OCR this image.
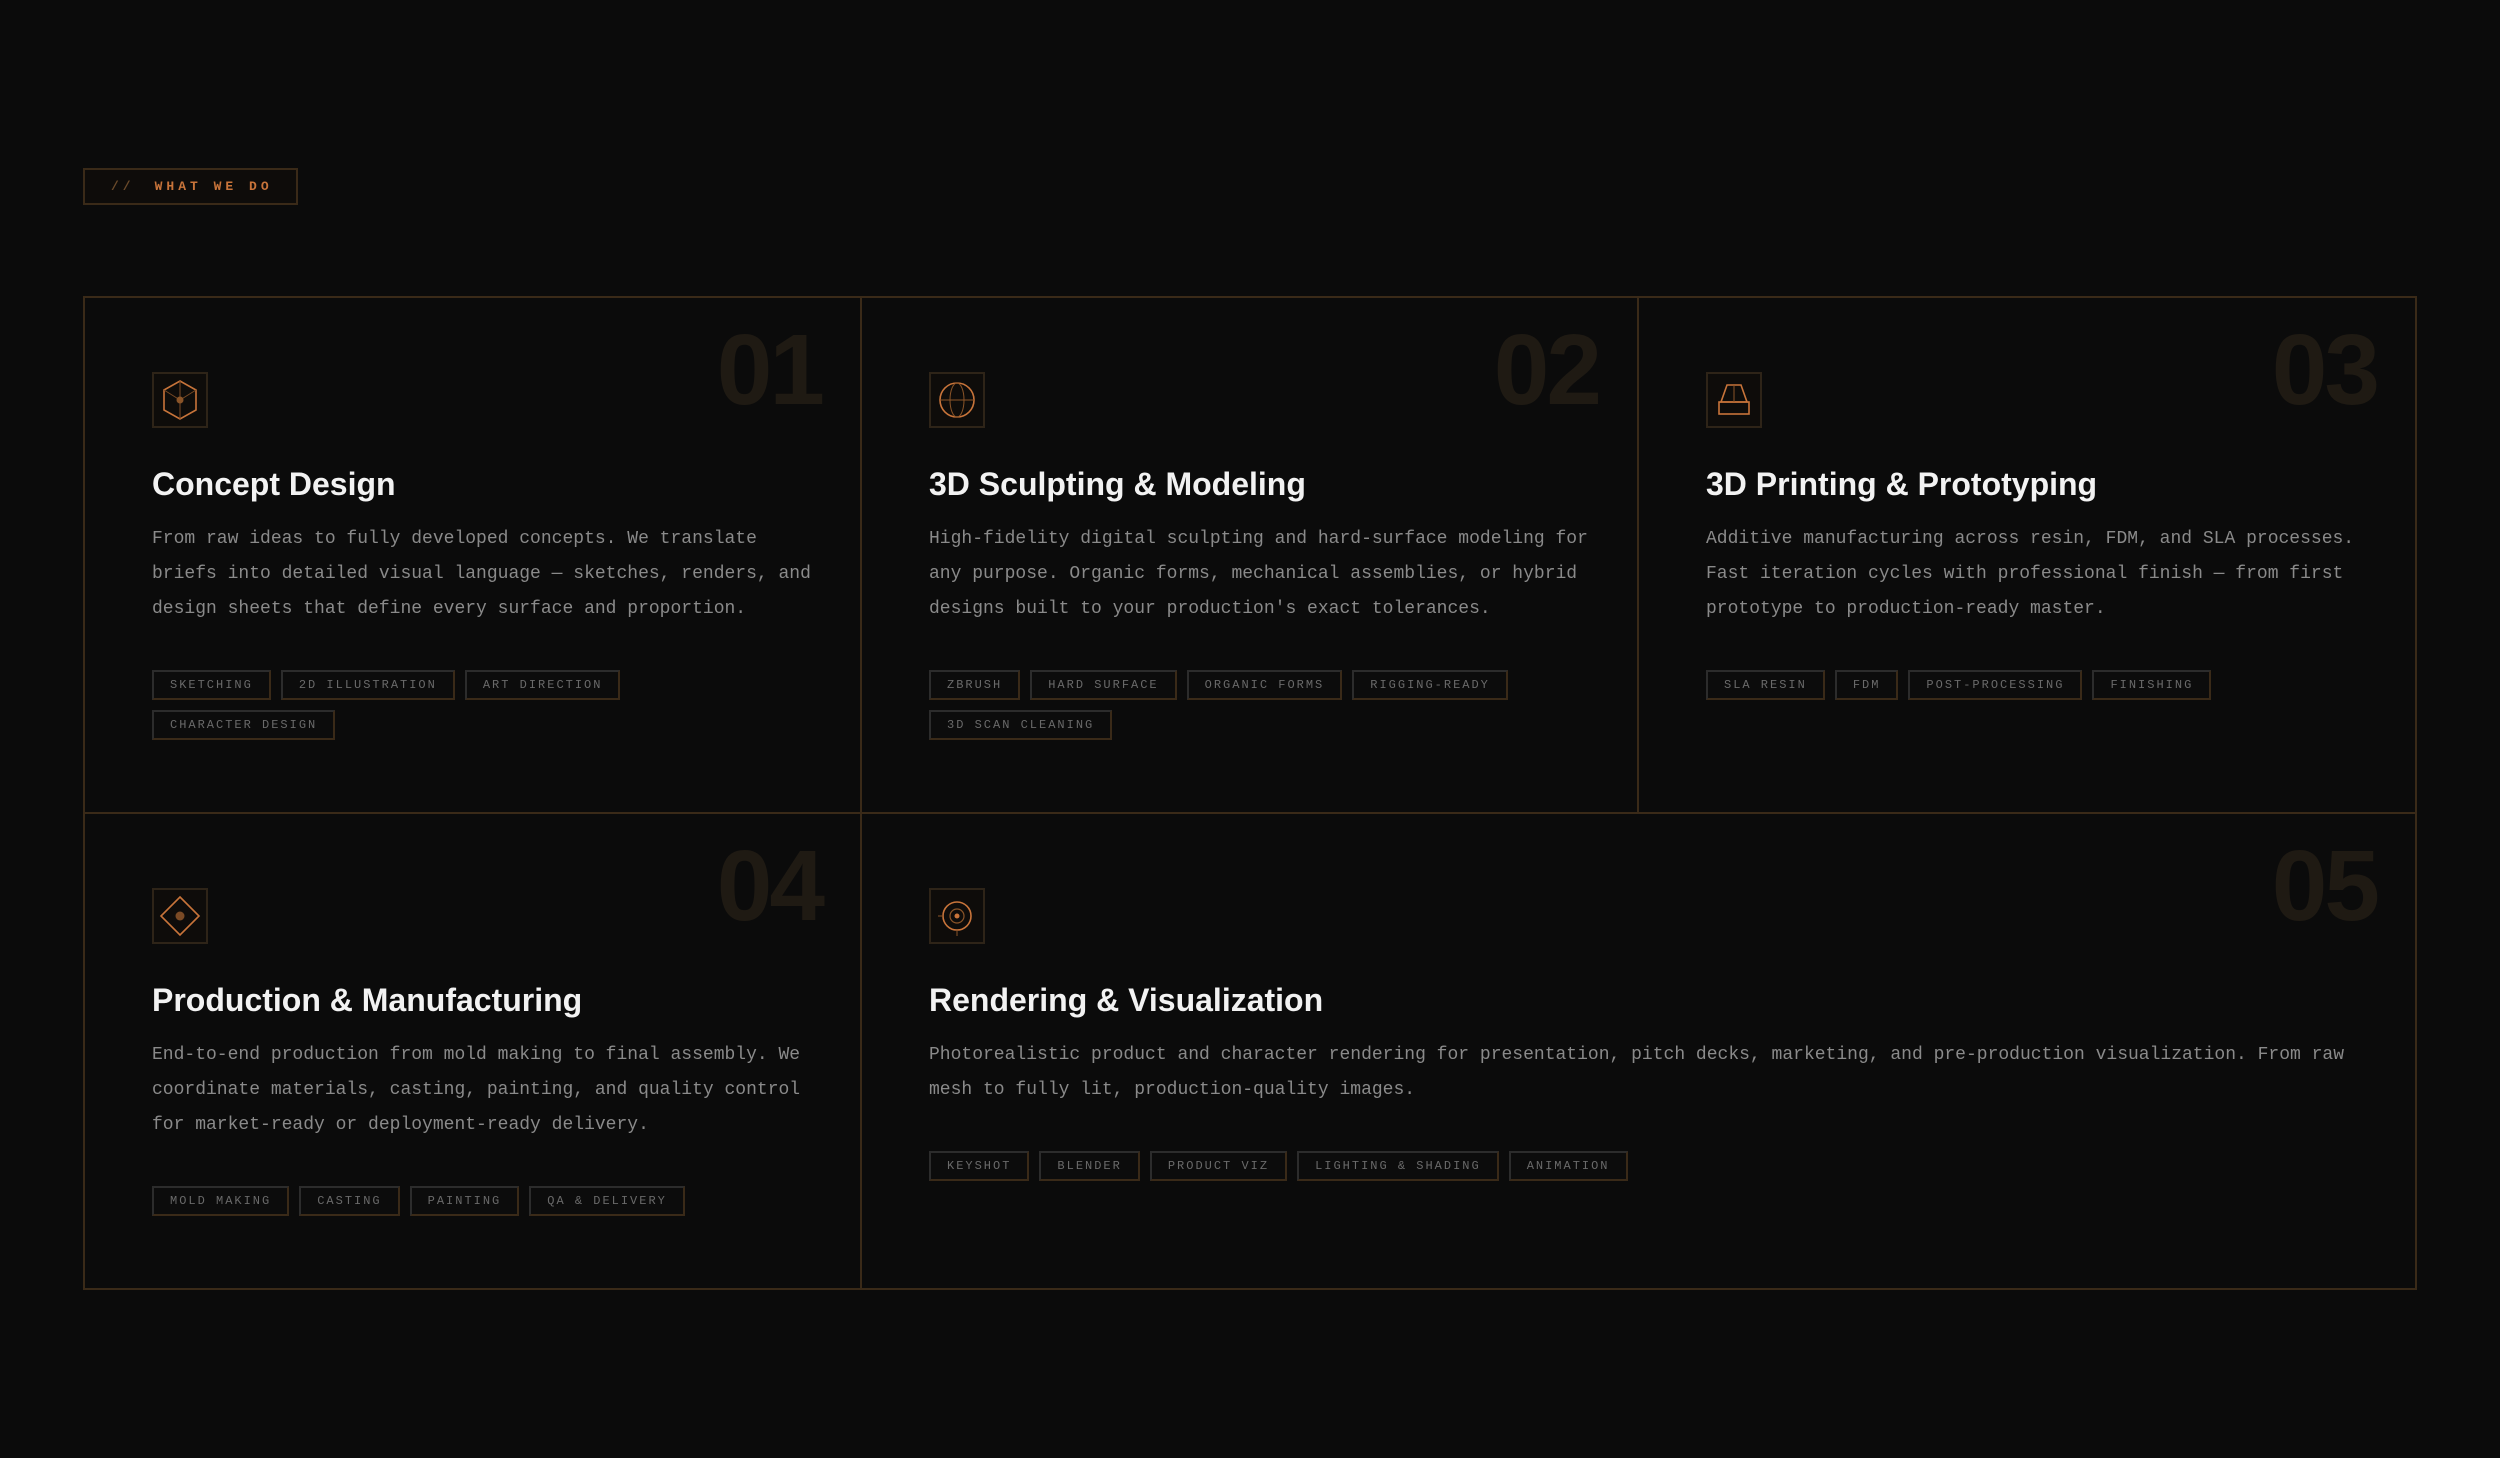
// WHAT WE DO
01
Concept Design
From raw ideas to fully developed concepts. We translate briefs into detailed visual language — sketches, renders, and design sheets that define every surface and proportion.
SKETCHING	2D ILLUSTRATION	ART DIRECTION
CHARACTER DESIGN
02
3D Sculpting & Modeling
High-fidelity digital sculpting and hard-surface modeling for any purpose. Organic forms, mechanical assemblies, or hybrid designs built to your production's exact tolerances.
ZBRUSH	HARD SURFACE	ORGANIC FORMS	RIGGING-READY
3D SCAN CLEANING
03
3D Printing & Prototyping
Additive manufacturing across resin, FDM, and SLA processes. Fast iteration cycles with professional finish — from first prototype to production-ready master.
SLA RESIN	FDM	POST-PROCESSING	FINISHING
04
Production & Manufacturing
End-to-end production from mold making to final assembly. We coordinate materials, casting, painting, and quality control for market-ready or deployment-ready delivery.
MOLD MAKING	CASTING	PAINTING	QA & DELIVERY
05
Rendering & Visualization
Photorealistic product and character rendering for presentation, pitch decks, marketing, and pre-production visualization. From raw mesh to fully lit, production-quality images.
KEYSHOT	BLENDER	PRODUCT VIZ	LIGHTING & SHADING	ANIMATION
